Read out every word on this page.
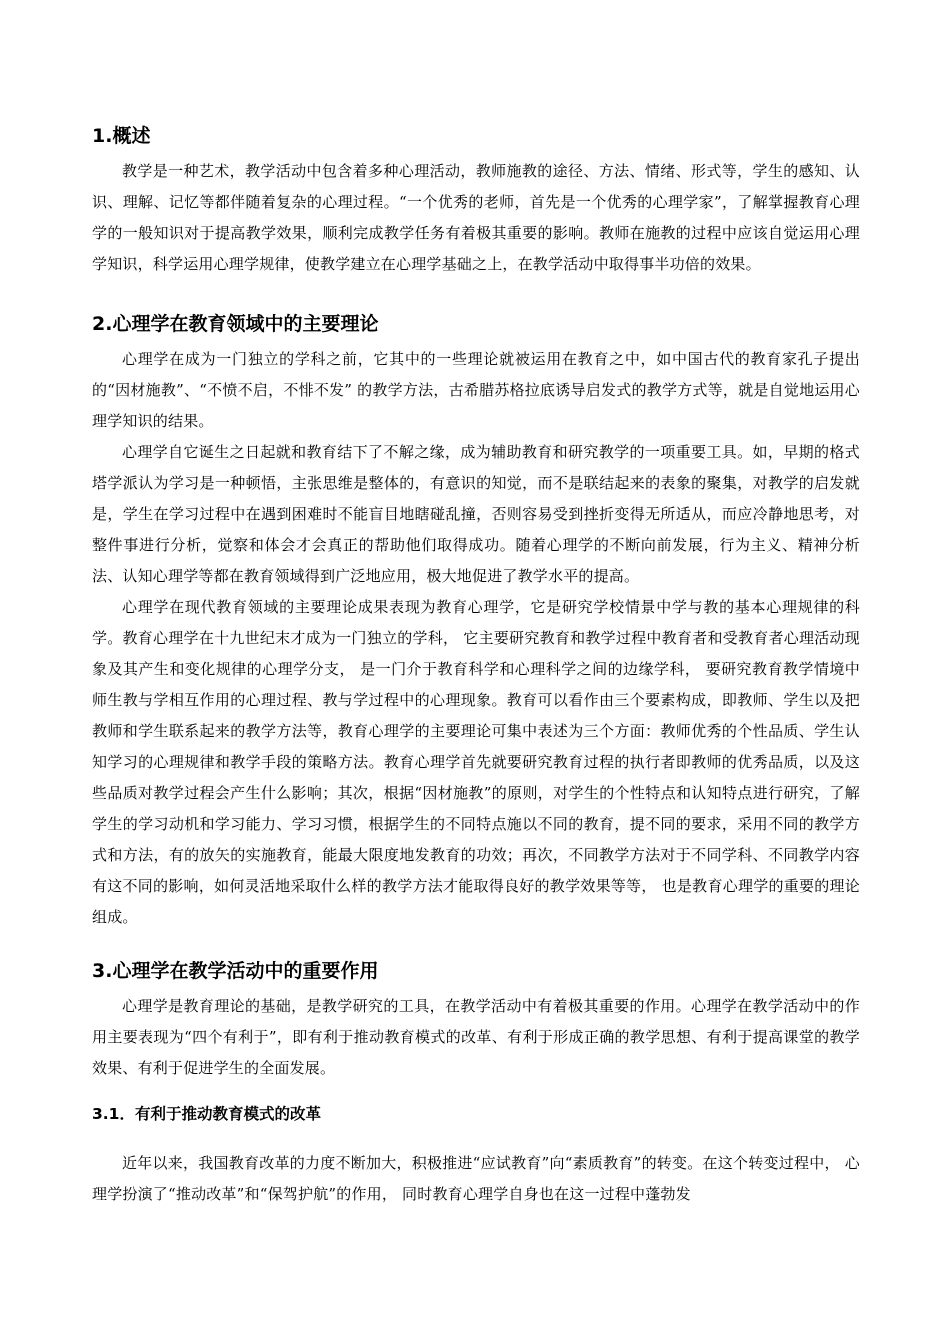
1.概述

教学是一种艺术，教学活动中包含着多种心理活动，教师施教的途径、方法、情绪、形式等，学生的感知、认识、理解、记忆等都伴随着复杂的心理过程。“一个优秀的老师，首先是一个优秀的心理学家”，了解掌握教育心理学的一般知识对于提高教学效果，顺利完成教学任务有着极其重要的影响。教师在施教的过程中应该自觉运用心理学知识，科学运用心理学规律，使教学建立在心理学基础之上，在教学活动中取得事半功倍的效果。

2.心理学在教育领域中的主要理论

心理学在成为一门独立的学科之前，它其中的一些理论就被运用在教育之中，如中国古代的教育家孔子提出的“因材施教”、“不愤不启，不悱不发” 的教学方法，古希腊苏格拉底诱导启发式的教学方式等，就是自觉地运用心理学知识的结果。

心理学自它诞生之日起就和教育结下了不解之缘，成为辅助教育和研究教学的一项重要工具。如，早期的格式塔学派认为学习是一种顿悟，主张思维是整体的，有意识的知觉，而不是联结起来的表象的聚集，对教学的启发就是，学生在学习过程中在遇到困难时不能盲目地瞎碰乱撞，否则容易受到挫折变得无所适从，而应冷静地思考，对整件事进行分析，觉察和体会才会真正的帮助他们取得成功。随着心理学的不断向前发展，行为主义、精神分析法、认知心理学等都在教育领域得到广泛地应用，极大地促进了教学水平的提高。

心理学在现代教育领域的主要理论成果表现为教育心理学，它是研究学校情景中学与教的基本心理规律的科学。教育心理学在十九世纪末才成为一门独立的学科， 它主要研究教育和教学过程中教育者和受教育者心理活动现象及其产生和变化规律的心理学分支， 是一门介于教育科学和心理科学之间的边缘学科， 要研究教育教学情境中师生教与学相互作用的心理过程、教与学过程中的心理现象。教育可以看作由三个要素构成，即教师、学生以及把教师和学生联系起来的教学方法等，教育心理学的主要理论可集中表述为三个方面：教师优秀的个性品质、学生认知学习的心理规律和教学手段的策略方法。教育心理学首先就要研究教育过程的执行者即教师的优秀品质，以及这些品质对教学过程会产生什么影响；其次，根据“因材施教”的原则，对学生的个性特点和认知特点进行研究，了解学生的学习动机和学习能力、学习习惯，根据学生的不同特点施以不同的教育，提不同的要求，采用不同的教学方式和方法，有的放矢的实施教育，能最大限度地发教育的功效；再次，不同教学方法对于不同学科、不同教学内容有这不同的影响，如何灵活地采取什么样的教学方法才能取得良好的教学效果等等， 也是教育心理学的重要的理论组成。

3.心理学在教学活动中的重要作用

心理学是教育理论的基础，是教学研究的工具，在教学活动中有着极其重要的作用。心理学在教学活动中的作用主要表现为“四个有利于”，即有利于推动教育模式的改革、有利于形成正确的教学思想、有利于提高课堂的教学效果、有利于促进学生的全面发展。

3.1．有利于推动教育模式的改革

近年以来，我国教育改革的力度不断加大，积极推进“应试教育”向“素质教育”的转变。在这个转变过程中， 心理学扮演了“推动改革”和“保驾护航”的作用， 同时教育心理学自身也在这一过程中蓬勃发
